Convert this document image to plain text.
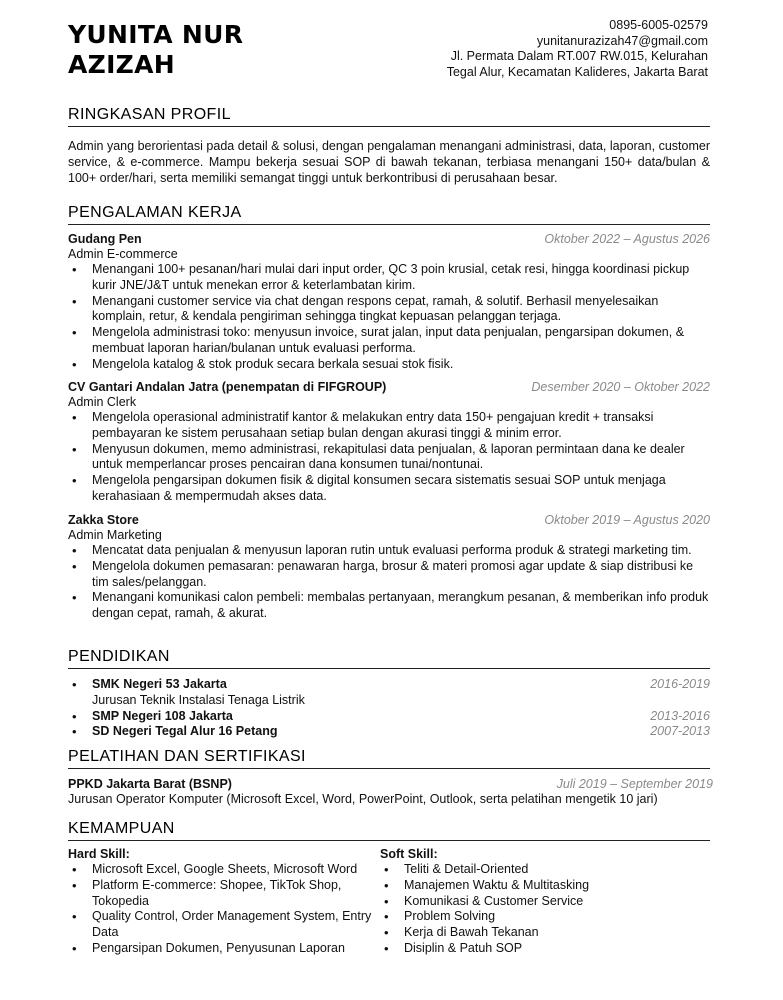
YUNITA NUR AZIZAH
0895-6005-02579
yunitanurazizah47@gmail.com
Jl. Permata Dalam RT.007 RW.015, Kelurahan
Tegal Alur, Kecamatan Kalideres, Jakarta Barat
RINGKASAN PROFIL
Admin yang berorientasi pada detail & solusi, dengan pengalaman menangani administrasi, data, laporan, customer service, & e-commerce. Mampu bekerja sesuai SOP di bawah tekanan, terbiasa menangani 150+ data/bulan & 100+ order/hari, serta memiliki semangat tinggi untuk berkontribusi di perusahaan besar.
PENGALAMAN KERJA
Gudang Pen	Oktober 2022 – Agustus 2026
Admin E-commerce
• Menangani 100+ pesanan/hari mulai dari input order, QC 3 poin krusial, cetak resi, hingga koordinasi pickup kurir JNE/J&T untuk menekan error & keterlambatan kirim.
• Menangani customer service via chat dengan respons cepat, ramah, & solutif. Berhasil menyelesaikan komplain, retur, & kendala pengiriman sehingga tingkat kepuasan pelanggan terjaga.
• Mengelola administrasi toko: menyusun invoice, surat jalan, input data penjualan, pengarsipan dokumen, & membuat laporan harian/bulanan untuk evaluasi performa.
• Mengelola katalog & stok produk secara berkala sesuai stok fisik.
CV Gantari Andalan Jatra (penempatan di FIFGROUP)	Desember 2020 – Oktober 2022
Admin Clerk
• Mengelola operasional administratif kantor & melakukan entry data 150+ pengajuan kredit + transaksi pembayaran ke sistem perusahaan setiap bulan dengan akurasi tinggi & minim error.
• Menyusun dokumen, memo administrasi, rekapitulasi data penjualan, & laporan permintaan dana ke dealer untuk memperlancar proses pencairan dana konsumen tunai/nontunai.
• Mengelola pengarsipan dokumen fisik & digital konsumen secara sistematis sesuai SOP untuk menjaga kerahasiaan & mempermudah akses data.
Zakka Store	Oktober 2019 – Agustus 2020
Admin Marketing
• Mencatat data penjualan & menyusun laporan rutin untuk evaluasi performa produk & strategi marketing tim.
• Mengelola dokumen pemasaran: penawaran harga, brosur & materi promosi agar update & siap distribusi ke tim sales/pelanggan.
• Menangani komunikasi calon pembeli: membalas pertanyaan, merangkum pesanan, & memberikan info produk dengan cepat, ramah, & akurat.
PENDIDIKAN
• SMK Negeri 53 Jakarta	2016-2019
Jurusan Teknik Instalasi Tenaga Listrik
• SMP Negeri 108 Jakarta	2013-2016
• SD Negeri Tegal Alur 16 Petang	2007-2013
PELATIHAN DAN SERTIFIKASI
PPKD Jakarta Barat (BSNP)	Juli 2019 – September 2019
Jurusan Operator Komputer (Microsoft Excel, Word, PowerPoint, Outlook, serta pelatihan mengetik 10 jari)
KEMAMPUAN
Hard Skill:
• Microsoft Excel, Google Sheets, Microsoft Word
• Platform E-commerce: Shopee, TikTok Shop, Tokopedia
• Quality Control, Order Management System, Entry Data
• Pengarsipan Dokumen, Penyusunan Laporan
Soft Skill:
• Teliti & Detail-Oriented
• Manajemen Waktu & Multitasking
• Komunikasi & Customer Service
• Problem Solving
• Kerja di Bawah Tekanan
• Disiplin & Patuh SOP
